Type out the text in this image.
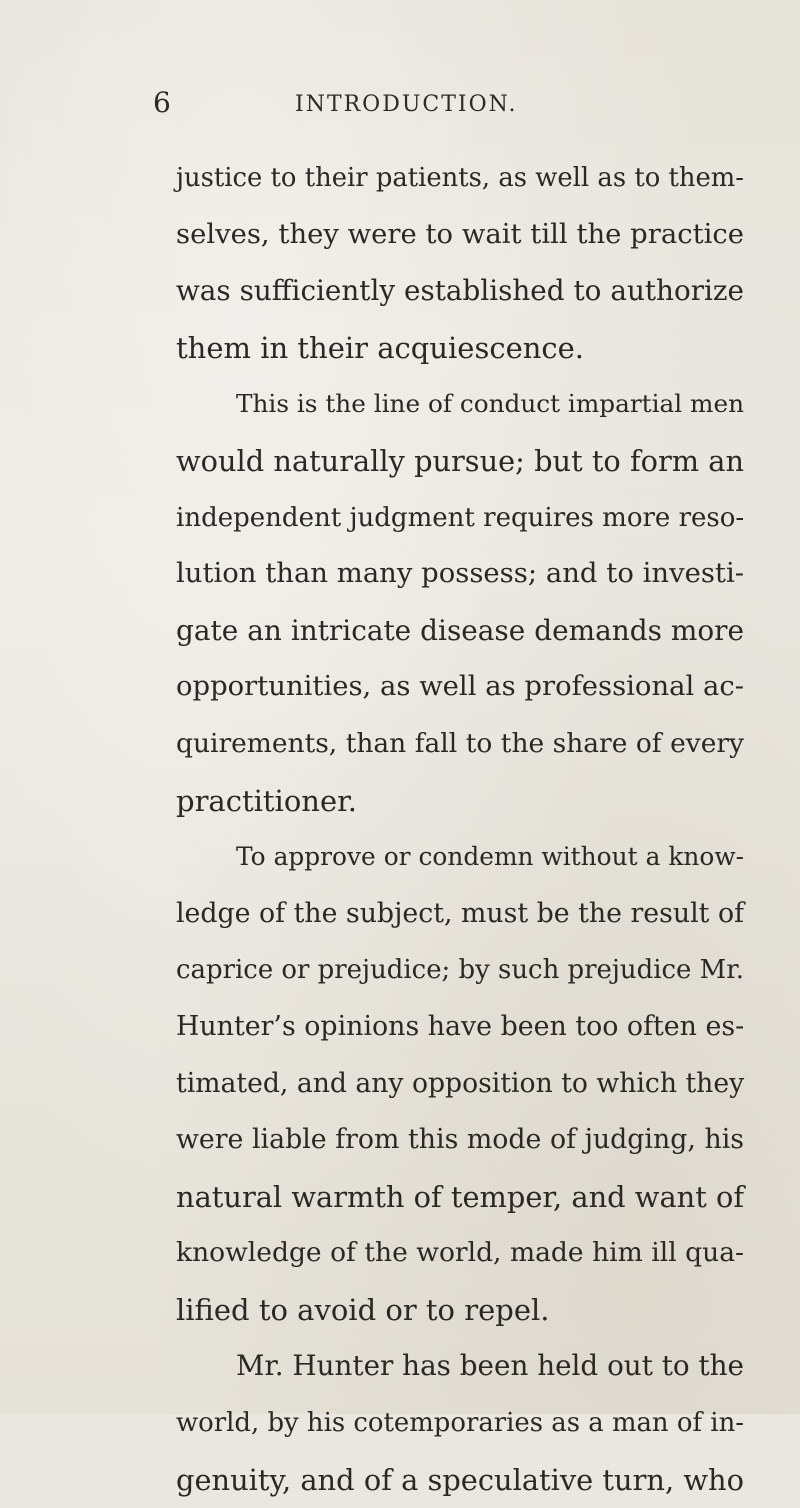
6	INTRODUCTION.

justice to their patients, as well as to them-
selves, they were to wait till the practice
was sufficiently established to authorize
them in their acquiescence.

This is the line of conduct impartial men
would naturally pursue; but to form an
independent judgment requires more reso-
lution than many possess; and to investi-
gate an intricate disease demands more
opportunities, as well as professional ac-
quirements, than fall to the share of every
practitioner.

To approve or condemn without a know-
ledge of the subject, must be the result of
caprice or prejudice; by such prejudice Mr.
Hunter’s opinions have been too often es-
timated, and any opposition to which they
were liable from this mode of judging, his
natural warmth of temper, and want of
knowledge of the world, made him ill qua-
lified to avoid or to repel.

Mr. Hunter has been held out to the
world, by his cotemporaries as a man of in-
genuity, and of a speculative turn, who
